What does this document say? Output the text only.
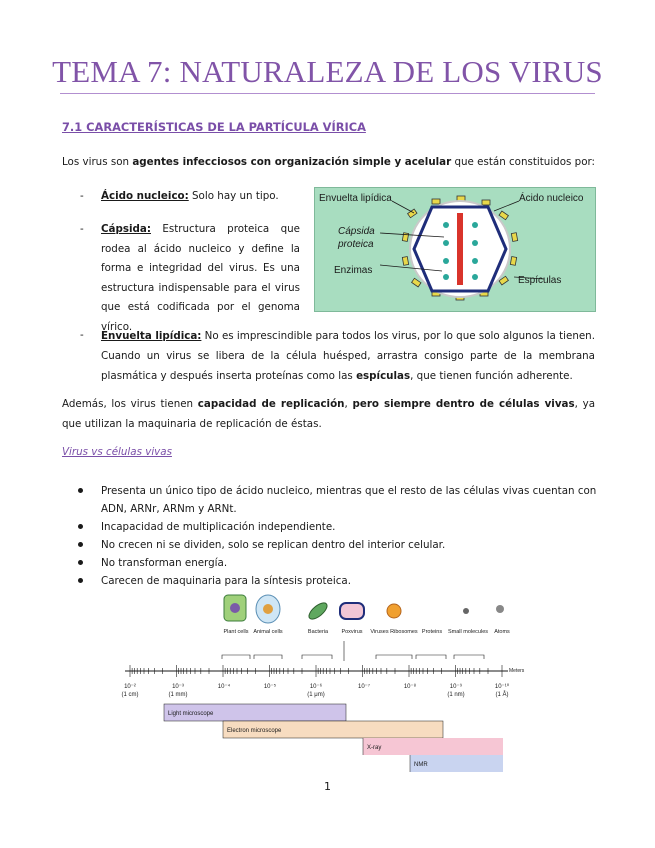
TEMA 7: NATURALEZA DE LOS VIRUS
7.1 CARACTERÍSTICAS DE LA PARTÍCULA VÍRICA

Los virus son agentes infecciosos con organización simple y acelular que están constituidos por:

- Ácido nucleico: Solo hay un tipo.
- Cápsida: Estructura proteica que rodea al ácido nucleico y define la forma e integridad del virus. Es una estructura indispensable para el virus que está codificada por el genoma vírico.
Envuelta lipídica	Ácido nucleico
Cápsida
proteica
Enzimas
Espículas
- Envuelta lipídica: No es imprescindible para todos los virus, por lo que solo algunos la tienen. Cuando un virus se libera de la célula huésped, arrastra consigo parte de la membrana plasmática y después inserta proteínas como las espículas, que tienen función adherente.

Además, los virus tienen capacidad de replicación, pero siempre dentro de células vivas, ya que utilizan la maquinaria de replicación de éstas.

Virus vs células vivas

Presenta un único tipo de ácido nucleico, mientras que el resto de las células vivas cuentan con ADN, ARNr, ARNm y ARNt.
Incapacidad de multiplicación independiente.
No crecen ni se dividen, solo se replican dentro del interior celular.
No transforman energía.
Carecen de maquinaria para la síntesis proteica.
Plant cells Animal cells	Bacteria Poxvirus Viruses Ribosomes Proteins Small molecules Atoms
Meters
10⁻²	10⁻³	10⁻⁴	10⁻⁵	10⁻⁶	10⁻⁷	10⁻⁸	10⁻⁹	10⁻¹⁰
(1 cm)	(1 mm)	(1 μm)	(1 nm)	(1 Å)
Light microscope
Electron microscope
X-ray
NMR
1
